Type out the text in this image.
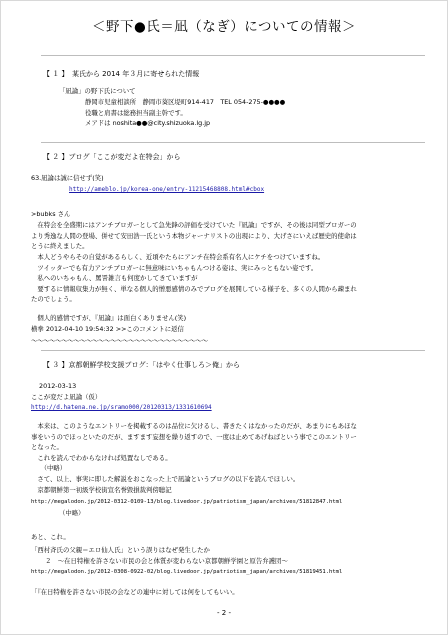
＜野下●氏＝凪（なぎ）についての情報＞
【 １ 】　某氏から 2014 年３月に寄せられた情報
「凪論」の野下氏について
静岡市児童相談所　静岡市葵区堤町914-417　TEL 054-275-●●●●
役職と肩書は総務担当副主幹です。
メアドは noshita●●@city.shizuoka.lg.jp
【 ２ 】ブログ「ここが変だよ在特会」から
63.凪論は誠に信せず(笑)
http://ameblo.jp/korea-one/entry-11215468808.html#cbox
>bubks さん
　在特会を全盛期にはアンチブロガーとして急先鋒の評価を受けていた『凪論』ですが、その後は同型ブロガーの
より秀逸な人間の登場、併せて安田浩一氏という本物ジャーナリストの出現により、大げさにいえば歴史的使命は
とうに終えました。
　本人どうやらその自覚があるらしく、近頃やたらにアンチ在特会系有名人にケチをつけていますね。
　ツイッターでも有力アンチブロガーに無意味にいちゃもんつける姿は、実にみっともない姿です。
　私へのいちゃもん、罵詈雑言も何度かしてきていますが
　要するに情報収集力が無く、単なる個人的憎悪感情のみでブログを展開している様子を、多くの人間から疎まれ
たのでしょう。
　個人的感情ですが、『凪論』は面白くありません(笑)
横拳 2012-04-10 19:54:32 >>このコメントに返信
～～～～～～～～～～～～～～～～～～～～～～～～～～～～～
【 ３ 】京都朝鮮学校支援ブログ：「はやく仕事しろ＞俺」から
2012-03-13
ここが変だよ凪論（仮）
http://d.hatena.ne.jp/sramo000/20120313/1331610694
　本来は、このようなエントリーを掲載するのは品位に欠けるし、書きたくはなかったのだが、あまりにもあほな
事をいうのでほっといたのだが、ますます妄想を繰り返すので、一度は止めてあげねばという事でこのエントリー
となった。
　これを読んでわからなければ処置なしである。
　　（中略）
　さて、以上、事実に即した解説をおこなった上で凪論というブログの以下を読んでほしい。
　京都朝鮮第一初級学校街宣名誉毀損裁判傍聴記
http://megalodon.jp/2012-0312-0109-13/blog.livedoor.jp/patriotism_japan/archives/51812847.html
（中略）
あと、これ。
「西村斉氏の父親＝エロ仙人氏」という誤りはなぜ発生したか
２　～在日特権を許さない市民の会と体質が変わらない京都朝鮮学園と原告弁護団～
http://megalodon.jp/2012-0308-0922-02/blog.livedoor.jp/patriotism_japan/archives/51819451.html
「『在日特権を許さない市民の会などの連中に対しては何をしてもいい。
- 2 -
